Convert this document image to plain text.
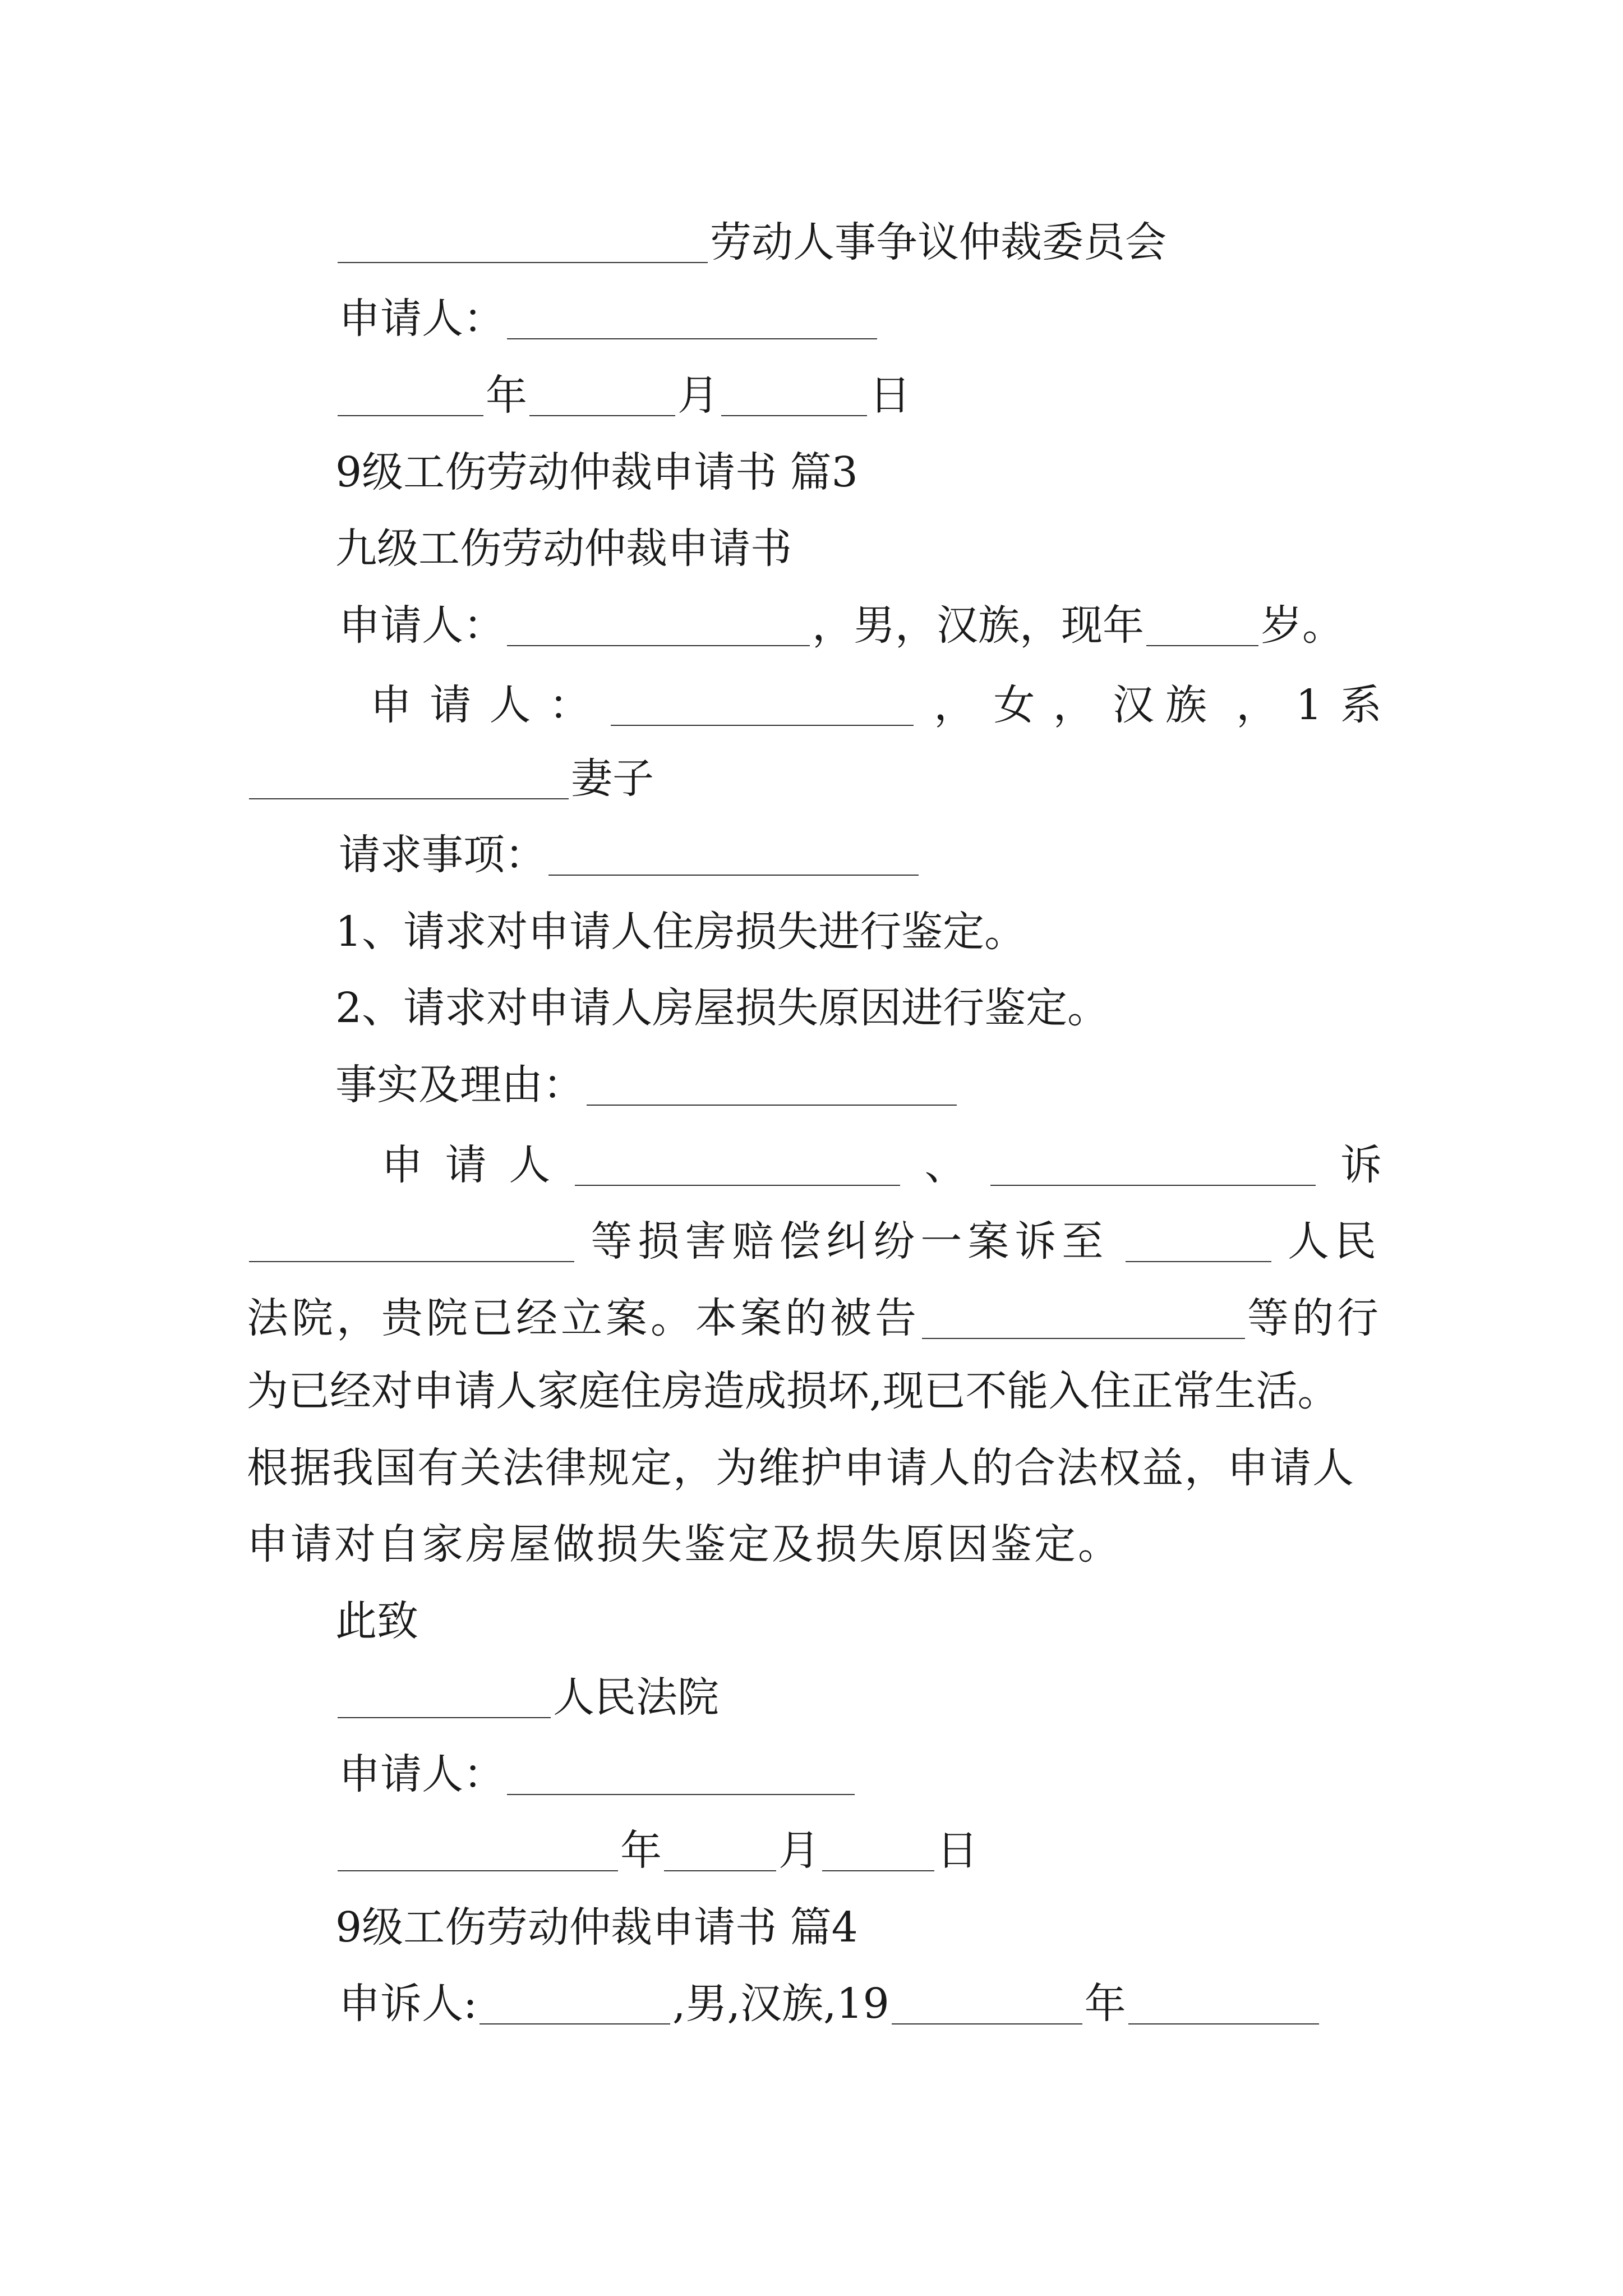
劳动人事争议仲裁委员会
申请人：
年	月	日
9级工伤劳动仲裁申请书 篇3
九级工伤劳动仲裁申请书
申请人：	，男，汉族，现年	岁。
申 请 人 ：	， 女 ， 汉族 ， 1 系
妻子
请求事项：
1、请求对申请人住房损失进行鉴定。
2、请求对申请人房屋损失原因进行鉴定。
事实及理由：
申 请 人	、	诉
等损害赔偿纠纷一案诉至	人民
法院，贵院已经立案。本案的被告	等的行
为已经对申请人家庭住房造成损坏,现已不能入住正常生活。
根据我国有关法律规定，为维护申请人的合法权益，申请人
申请对自家房屋做损失鉴定及损失原因鉴定。
此致
人民法院
申请人：
年	月	日
9级工伤劳动仲裁申请书 篇4
申诉人:	,男,汉族,19	年
